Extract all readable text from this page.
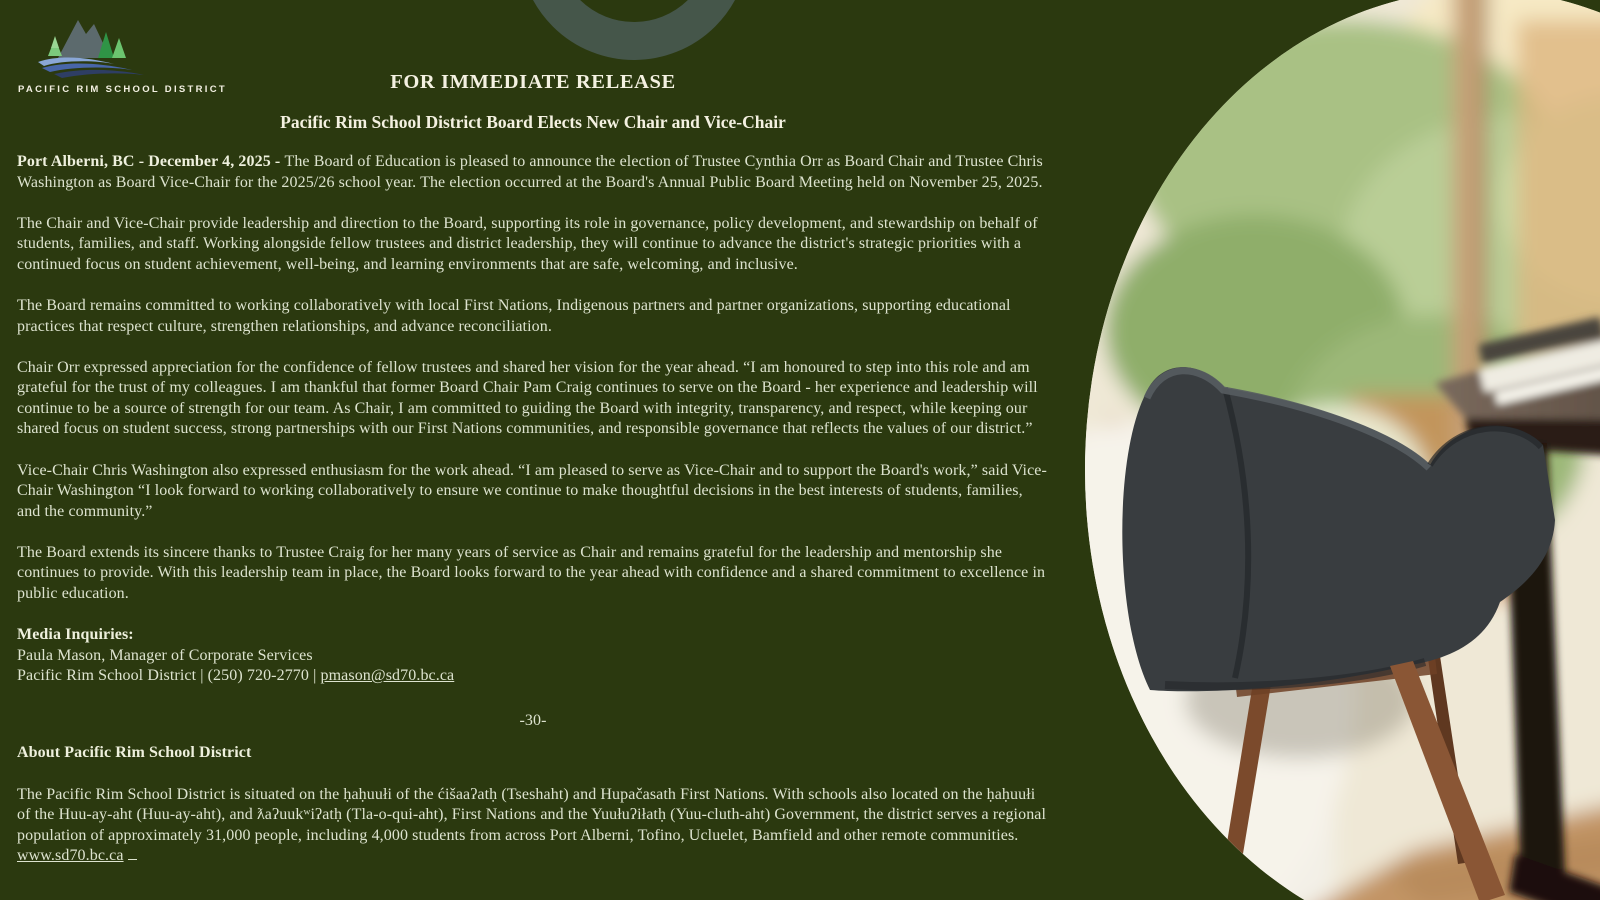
PACIFIC RIM SCHOOL DISTRICT	FOR IMMEDIATE RELEASE
Pacific Rim School District Board Elects New Chair and Vice-Chair

Port Alberni, BC - December 4, 2025 - The Board of Education is pleased to announce the election of Trustee Cynthia Orr as Board Chair and Trustee Chris Washington as Board Vice-Chair for the 2025/26 school year. The election occurred at the Board's Annual Public Board Meeting held on November 25, 2025.

The Chair and Vice-Chair provide leadership and direction to the Board, supporting its role in governance, policy development, and stewardship on behalf of students, families, and staff. Working alongside fellow trustees and district leadership, they will continue to advance the district's strategic priorities with a continued focus on student achievement, well-being, and learning environments that are safe, welcoming, and inclusive.

The Board remains committed to working collaboratively with local First Nations, Indigenous partners and partner organizations, supporting educational practices that respect culture, strengthen relationships, and advance reconciliation.

Chair Orr expressed appreciation for the confidence of fellow trustees and shared her vision for the year ahead. “I am honoured to step into this role and am grateful for the trust of my colleagues. I am thankful that former Board Chair Pam Craig continues to serve on the Board - her experience and leadership will continue to be a source of strength for our team. As Chair, I am committed to guiding the Board with integrity, transparency, and respect, while keeping our shared focus on student success, strong partnerships with our First Nations communities, and responsible governance that reflects the values of our district.”

Vice-Chair Chris Washington also expressed enthusiasm for the work ahead. “I am pleased to serve as Vice-Chair and to support the Board's work,” said Vice-Chair Washington “I look forward to working collaboratively to ensure we continue to make thoughtful decisions in the best interests of students, families, and the community.”

The Board extends its sincere thanks to Trustee Craig for her many years of service as Chair and remains grateful for the leadership and mentorship she continues to provide. With this leadership team in place, the Board looks forward to the year ahead with confidence and a shared commitment to excellence in public education.

Media Inquiries:

Paula Mason, Manager of Corporate Services

Pacific Rim School District | (250) 720-2770 | pmason@sd70.bc.ca

-30-

About Pacific Rim School District

The Pacific Rim School District is situated on the ḥaḥuułi of the ćišaaʔatḥ (Tseshaht) and Hupačasath First Nations. With schools also located on the ḥaḥuułi of the Huu-ay-aht (Huu-ay-aht), and ƛaʔuukʷiʔatḥ (Tla-o-qui-aht), First Nations and the Yuułuʔiłatḥ (Yuu-cluth-aht) Government, the district serves a regional population of approximately 31,000 people, including 4,000 students from across Port Alberni, Tofino, Ucluelet, Bamfield and other remote communities.
www.sd70.bc.ca
